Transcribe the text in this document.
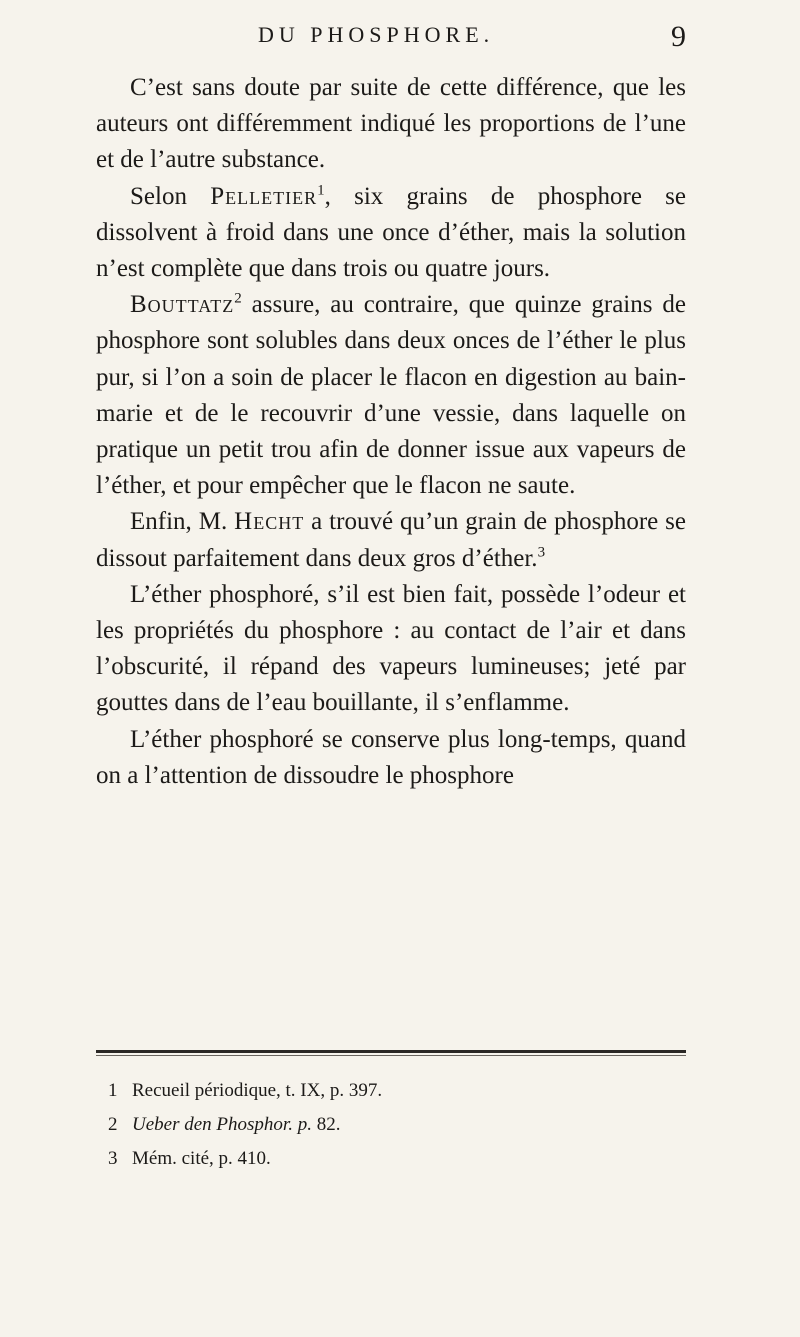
DU PHOSPHORE.	9

C’est sans doute par suite de cette différence, que les auteurs ont différemment indiqué les proportions de l’une et de l’autre substance.

Selon Pelletier$^1$, six grains de phosphore se dissolvent à froid dans une once d’éther, mais la solution n’est complète que dans trois ou quatre jours.

Bouttatz$^2$ assure, au contraire, que quinze grains de phosphore sont solubles dans deux onces de l’éther le plus pur, si l’on a soin de placer le flacon en digestion au bain-marie et de le recouvrir d’une vessie, dans laquelle on pratique un petit trou afin de donner issue aux vapeurs de l’éther, et pour empêcher que le flacon ne saute.

Enfin, M. Hecht a trouvé qu’un grain de phosphore se dissout parfaitement dans deux gros d’éther.$^3$

L’éther phosphoré, s’il est bien fait, possède l’odeur et les propriétés du phosphore : au contact de l’air et dans l’obscurité, il répand des vapeurs lumineuses; jeté par gouttes dans de l’eau bouillante, il s’enflamme.

L’éther phosphoré se conserve plus long-temps, quand on a l’attention de dissoudre le phosphore

1 Recueil périodique, t. IX, p. 397.
2 Ueber den Phosphor. p. 82.
3 Mém. cité, p. 410.
